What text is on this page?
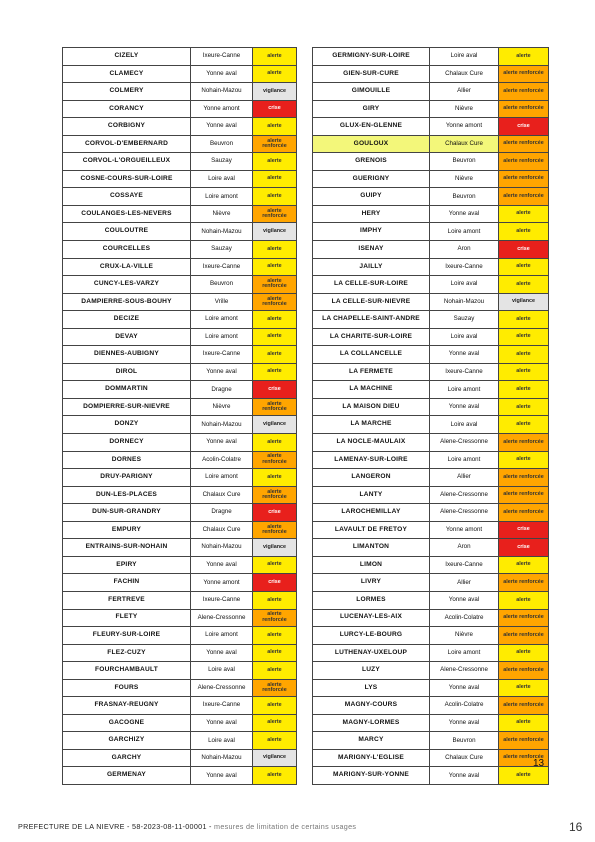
CIZELY	Ixeure-Canne	alerte
CLAMECY	Yonne aval	alerte
COLMERY	Nohain-Mazou	vigilance
CORANCY	Yonne amont	crise
CORBIGNY	Yonne aval	alerte
CORVOL-D'EMBERNARD	Beuvron	alerte renforcée
CORVOL-L'ORGUEILLEUX	Sauzay	alerte
COSNE-COURS-SUR-LOIRE	Loire aval	alerte
COSSAYE	Loire amont	alerte
COULANGES-LES-NEVERS	Nièvre	alerte renforcée
COULOUTRE	Nohain-Mazou	vigilance
COURCELLES	Sauzay	alerte
CRUX-LA-VILLE	Ixeure-Canne	alerte
CUNCY-LES-VARZY	Beuvron	alerte renforcée
DAMPIERRE-SOUS-BOUHY	Vrille	alerte renforcée
DECIZE	Loire amont	alerte
DEVAY	Loire amont	alerte
DIENNES-AUBIGNY	Ixeure-Canne	alerte
DIROL	Yonne aval	alerte
DOMMARTIN	Dragne	crise
DOMPIERRE-SUR-NIEVRE	Nièvre	alerte renforcée
DONZY	Nohain-Mazou	vigilance
DORNECY	Yonne aval	alerte
DORNES	Acolin-Colatre	alerte renforcée
DRUY-PARIGNY	Loire amont	alerte
DUN-LES-PLACES	Chalaux Cure	alerte renforcée
DUN-SUR-GRANDRY	Dragne	crise
EMPURY	Chalaux Cure	alerte renforcée
ENTRAINS-SUR-NOHAIN	Nohain-Mazou	vigilance
EPIRY	Yonne aval	alerte
FACHIN	Yonne amont	crise
FERTREVE	Ixeure-Canne	alerte
FLETY	Alene-Cressonne	alerte renforcée
FLEURY-SUR-LOIRE	Loire amont	alerte
FLEZ-CUZY	Yonne aval	alerte
FOURCHAMBAULT	Loire aval	alerte
FOURS	Alene-Cressonne	alerte renforcée
FRASNAY-REUGNY	Ixeure-Canne	alerte
GACOGNE	Yonne aval	alerte
GARCHIZY	Loire aval	alerte
GARCHY	Nohain-Mazou	vigilance
GERMENAY	Yonne aval	alerte
GERMIGNY-SUR-LOIRE	Loire aval	alerte
GIEN-SUR-CURE	Chalaux Cure	alerte renforcée
GIMOUILLE	Allier	alerte renforcée
GIRY	Nièvre	alerte renforcée
GLUX-EN-GLENNE	Yonne amont	crise
GOULOUX	Chalaux Cure	alerte renforcée
GRENOIS	Beuvron	alerte renforcée
GUERIGNY	Nièvre	alerte renforcée
GUIPY	Beuvron	alerte renforcée
HERY	Yonne aval	alerte
IMPHY	Loire amont	alerte
ISENAY	Aron	crise
JAILLY	Ixeure-Canne	alerte
LA CELLE-SUR-LOIRE	Loire aval	alerte
LA CELLE-SUR-NIEVRE	Nohain-Mazou	vigilance
LA CHAPELLE-SAINT-ANDRE	Sauzay	alerte
LA CHARITE-SUR-LOIRE	Loire aval	alerte
LA COLLANCELLE	Yonne aval	alerte
LA FERMETE	Ixeure-Canne	alerte
LA MACHINE	Loire amont	alerte
LA MAISON DIEU	Yonne aval	alerte
LA MARCHE	Loire aval	alerte
LA NOCLE-MAULAIX	Alene-Cressonne	alerte renforcée
LAMENAY-SUR-LOIRE	Loire amont	alerte
LANGERON	Allier	alerte renforcée
LANTY	Alene-Cressonne	alerte renforcée
LAROCHEMILLAY	Alene-Cressonne	alerte renforcée
LAVAULT DE FRETOY	Yonne amont	crise
LIMANTON	Aron	crise
LIMON	Ixeure-Canne	alerte
LIVRY	Allier	alerte renforcée
LORMES	Yonne aval	alerte
LUCENAY-LES-AIX	Acolin-Colatre	alerte renforcée
LURCY-LE-BOURG	Nièvre	alerte renforcée
LUTHENAY-UXELOUP	Loire amont	alerte
LUZY	Alene-Cressonne	alerte renforcée
LYS	Yonne aval	alerte
MAGNY-COURS	Acolin-Colatre	alerte renforcée
MAGNY-LORMES	Yonne aval	alerte
MARCY	Beuvron	alerte renforcée
MARIGNY-L'EGLISE	Chalaux Cure	alerte renforcée
MARIGNY-SUR-YONNE	Yonne aval	alerte
13
PREFECTURE DE LA NIEVRE - 58-2023-08-11-00001 - mesures de limitation de certains usages	16
